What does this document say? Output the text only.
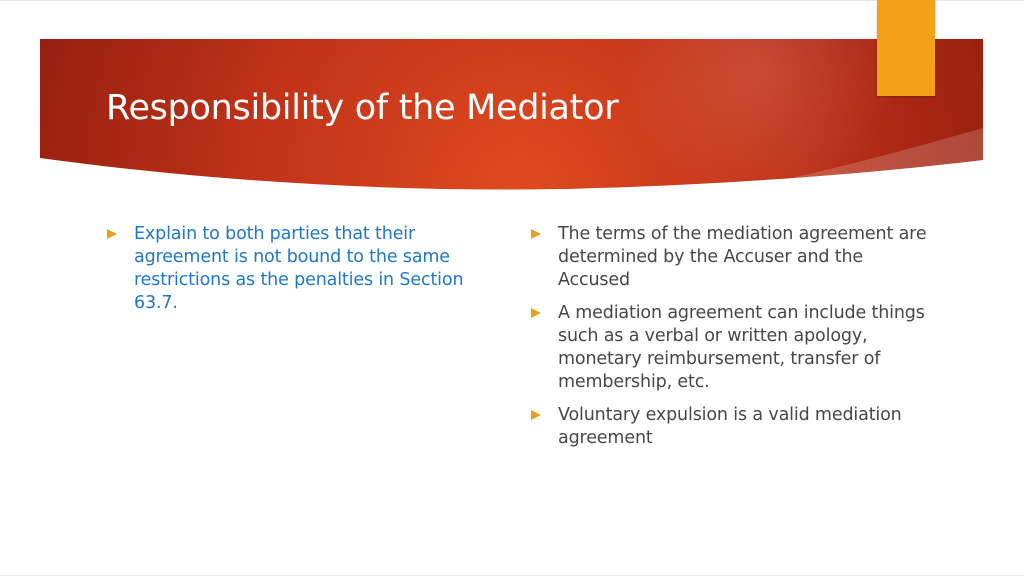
Responsibility of the Mediator
Explain to both parties that their agreement is not bound to the same restrictions as the penalties in Section 63.7.
The terms of the mediation agreement are determined by the Accuser and the Accused
A mediation agreement can include things such as a verbal or written apology, monetary reimbursement, transfer of membership, etc.
Voluntary expulsion is a valid mediation agreement
